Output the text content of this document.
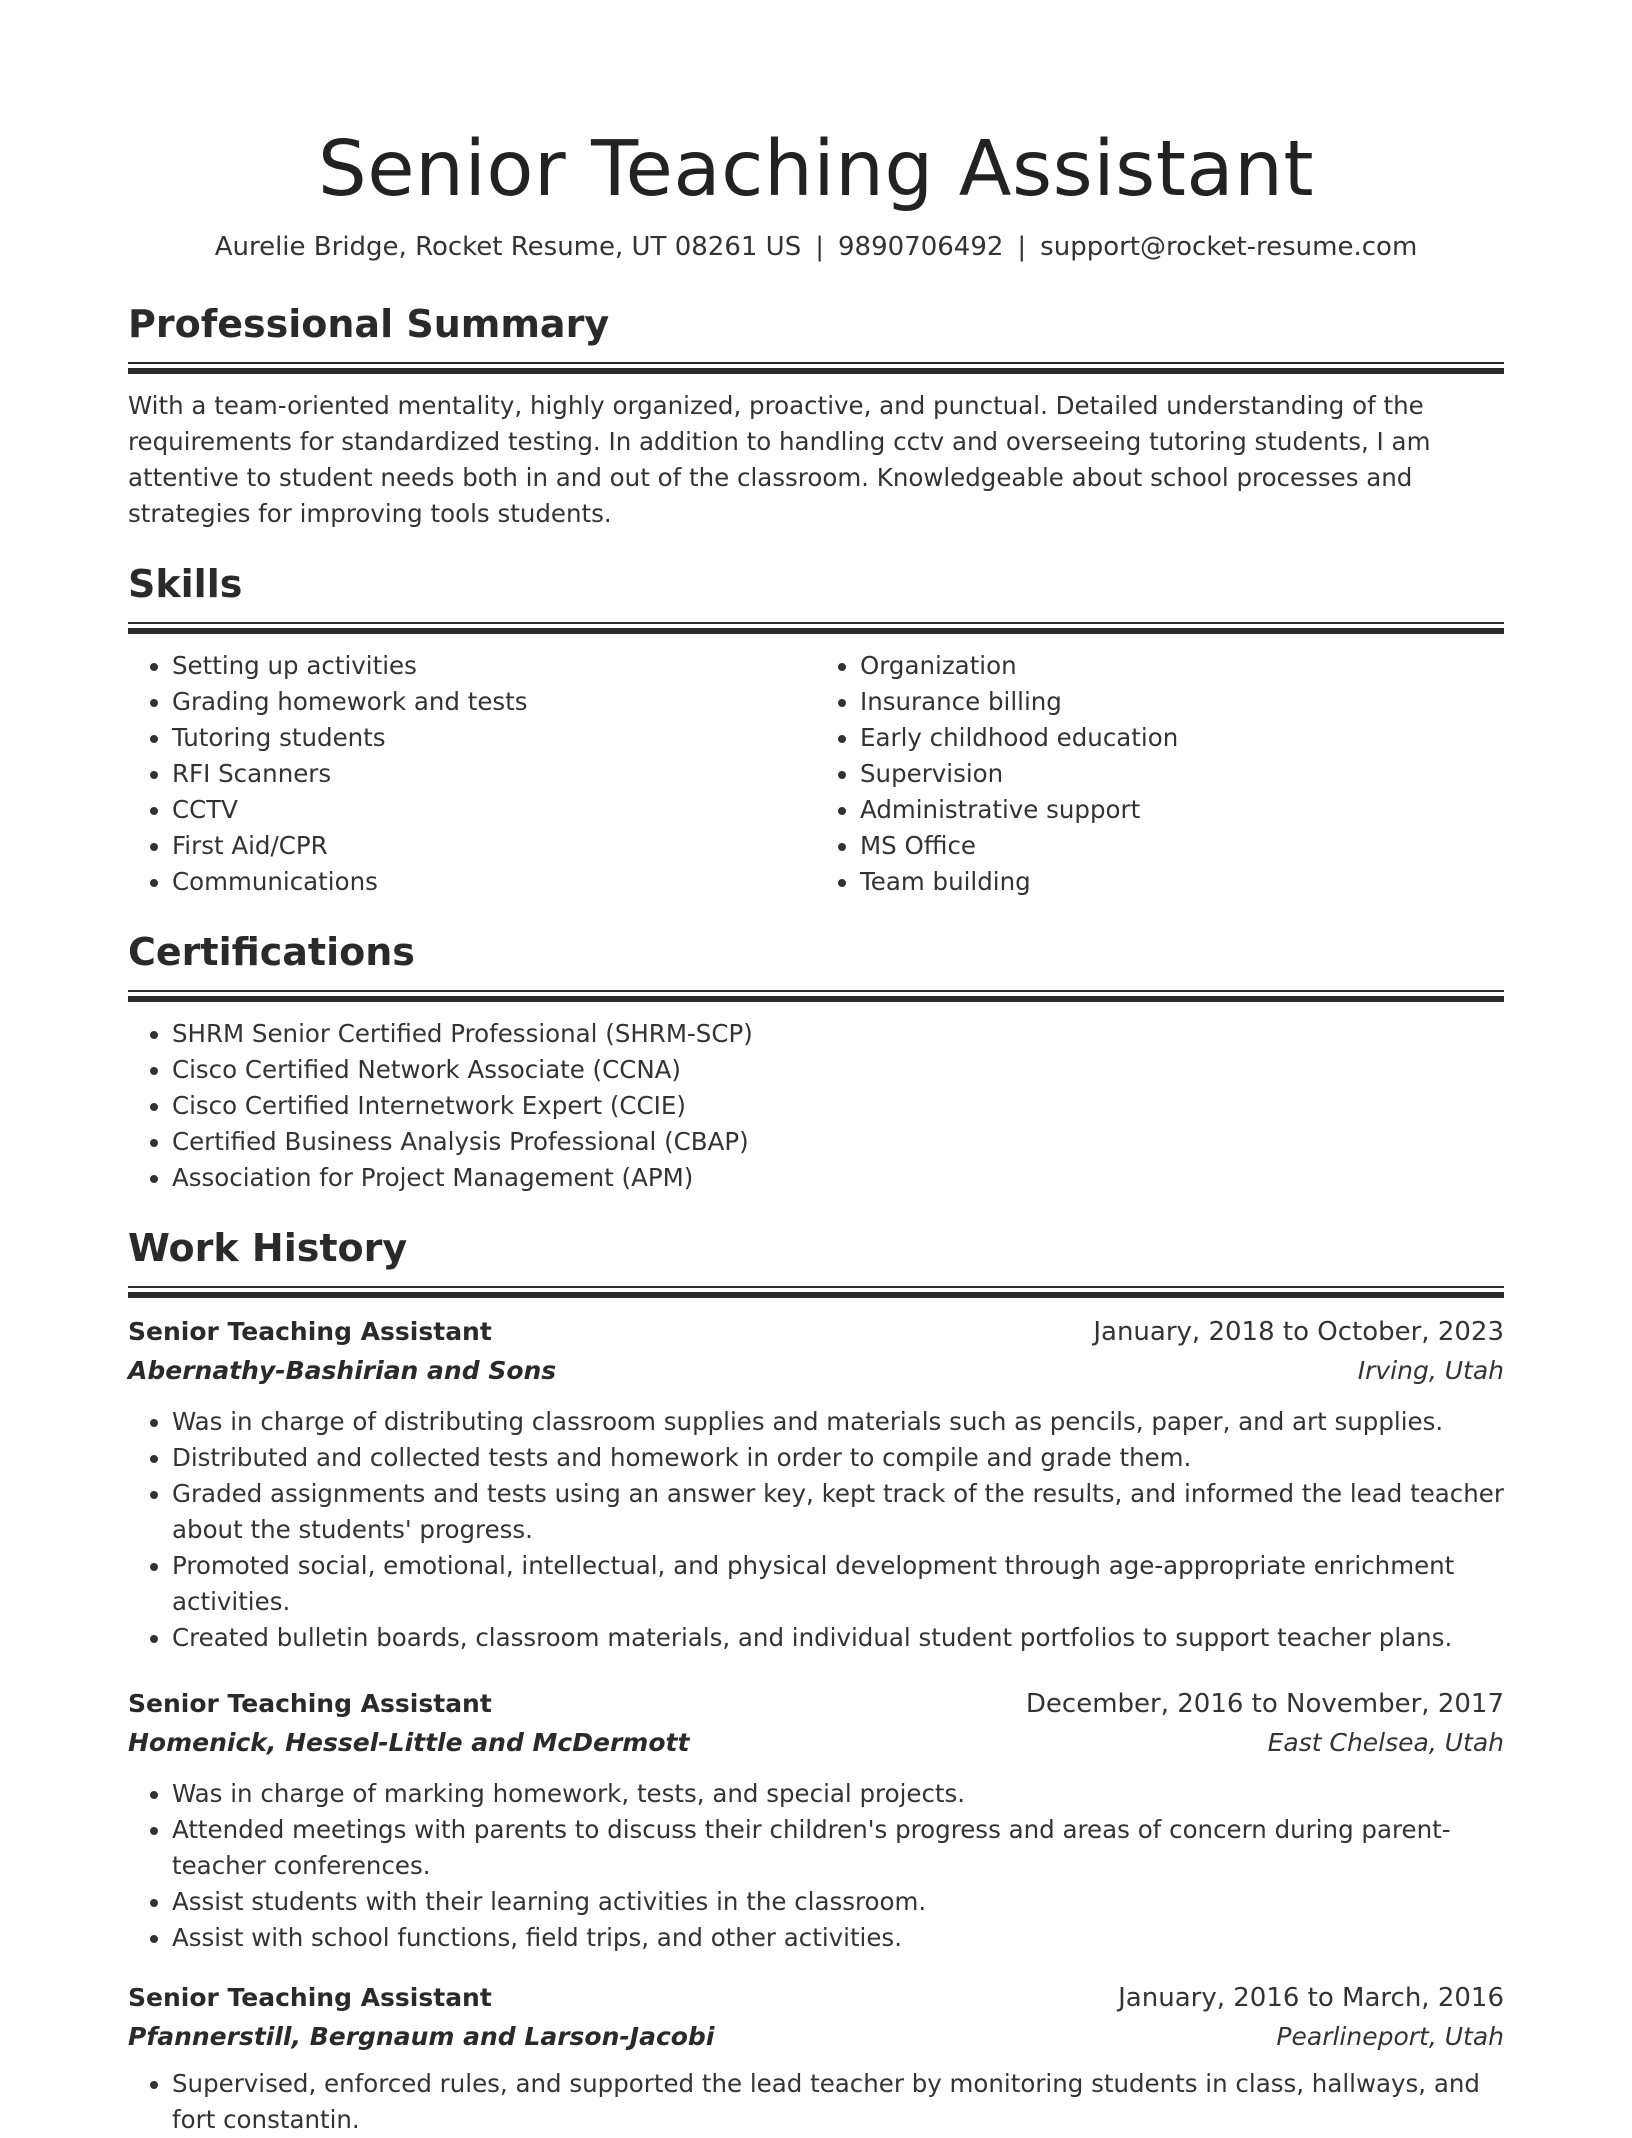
Senior Teaching Assistant
Aurelie Bridge, Rocket Resume, UT 08261 US | 9890706492 | support@rocket-resume.com
Professional Summary

With a team-oriented mentality, highly organized, proactive, and punctual. Detailed understanding of the requirements for standardized testing. In addition to handling cctv and overseeing tutoring students, I am attentive to student needs both in and out of the classroom. Knowledgeable about school processes and strategies for improving tools students.

Skills
• Setting up activities
• Grading homework and tests
• Tutoring students
• RFI Scanners
• CCTV
• First Aid/CPR
• Communications
• Organization
• Insurance billing
• Early childhood education
• Supervision
• Administrative support
• MS Office
• Team building
Certifications
• SHRM Senior Certified Professional (SHRM-SCP)
• Cisco Certified Network Associate (CCNA)
• Cisco Certified Internetwork Expert (CCIE)
• Certified Business Analysis Professional (CBAP)
• Association for Project Management (APM)
Work History
Senior Teaching Assistant	January, 2018 to October, 2023
Abernathy-Bashirian and Sons	Irving, Utah
• Was in charge of distributing classroom supplies and materials such as pencils, paper, and art supplies.
• Distributed and collected tests and homework in order to compile and grade them.
• Graded assignments and tests using an answer key, kept track of the results, and informed the lead teacher about the students' progress.
• Promoted social, emotional, intellectual, and physical development through age-appropriate enrichment activities.
• Created bulletin boards, classroom materials, and individual student portfolios to support teacher plans.
Senior Teaching Assistant	December, 2016 to November, 2017
Homenick, Hessel-Little and McDermott	East Chelsea, Utah
• Was in charge of marking homework, tests, and special projects.
• Attended meetings with parents to discuss their children's progress and areas of concern during parent-teacher conferences.
• Assist students with their learning activities in the classroom.
• Assist with school functions, field trips, and other activities.
Senior Teaching Assistant	January, 2016 to March, 2016
Pfannerstill, Bergnaum and Larson-Jacobi	Pearlineport, Utah
• Supervised, enforced rules, and supported the lead teacher by monitoring students in class, hallways, and fort constantin.
